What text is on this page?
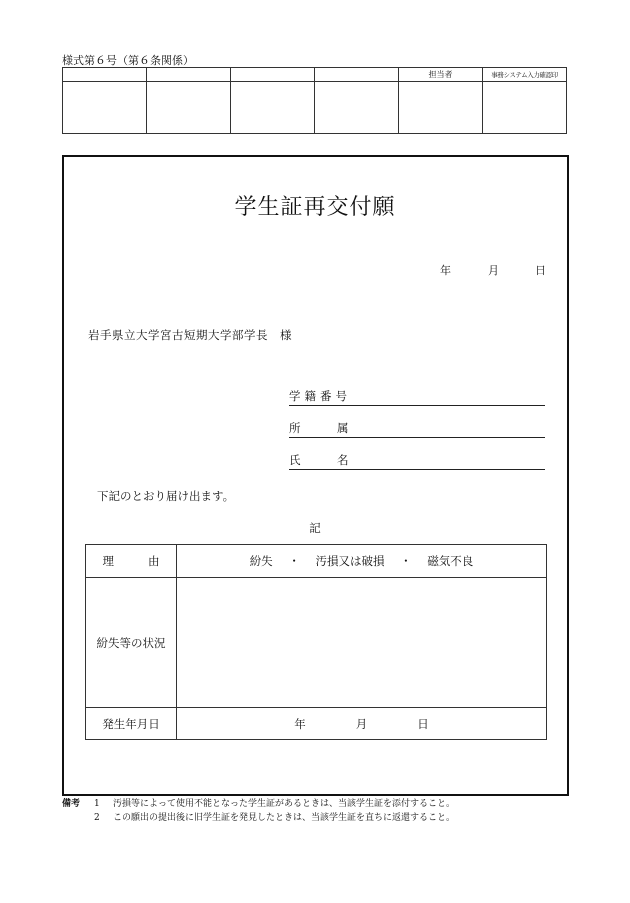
様式第６号（第６条関係）
				担当者	事務システム入力確認印

学生証再交付願
年	月	日
岩手県立大学宮古短期大学部学長　様
学籍番号
所	属
氏	名
下記のとおり届け出ます。
記
理 由	紛失 ・ 汚損又は破損 ・ 磁気不良
紛失等の状況	
発生年月日	年 月 日
備考 1 汚損等によって使用不能となった学生証があるときは、当該学生証を添付すること。
2 この願出の提出後に旧学生証を発見したときは、当該学生証を直ちに返還すること。
